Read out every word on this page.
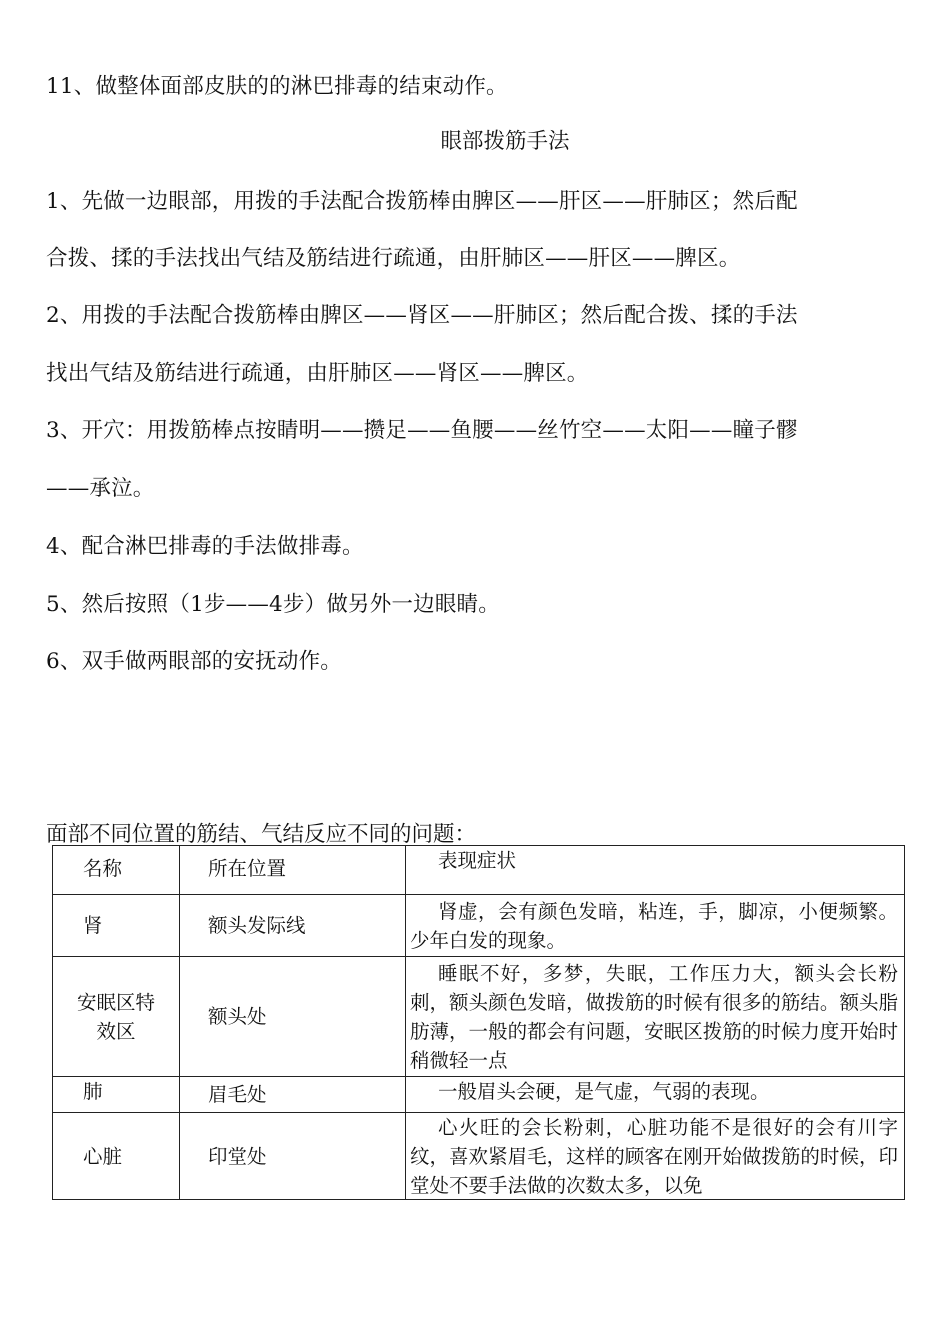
11、做整体面部皮肤的的淋巴排毒的结束动作。
眼部拨筋手法
1、先做一边眼部，用拨的手法配合拨筋棒由脾区——肝区——肝肺区；然后配
合拨、揉的手法找出气结及筋结进行疏通，由肝肺区——肝区——脾区。
2、用拨的手法配合拨筋棒由脾区——肾区——肝肺区；然后配合拨、揉的手法
找出气结及筋结进行疏通，由肝肺区——肾区——脾区。
3、开穴：用拨筋棒点按睛明——攒足——鱼腰——丝竹空——太阳——瞳子髎
——承泣。
4、配合淋巴排毒的手法做排毒。
5、然后按照（1步——4步）做另外一边眼睛。
6、双手做两眼部的安抚动作。
面部不同位置的筋结、气结反应不同的问题：
名称	所在位置	表现症状
肾	额头发际线	肾虚，会有颜色发暗，粘连，手，脚凉，小便频繁。少年白发的现象。
安眠区特效区	额头处	睡眠不好，多梦，失眠，工作压力大，额头会长粉刺，额头颜色发暗，做拨筋的时候有很多的筋结。额头脂肪薄，一般的都会有问题，安眠区拨筋的时候力度开始时稍微轻一点
肺	眉毛处	一般眉头会硬，是气虚，气弱的表现。
心脏	印堂处	心火旺的会长粉刺，心脏功能不是很好的会有川字纹，喜欢紧眉毛，这样的顾客在刚开始做拨筋的时候，印堂处不要手法做的次数太多，以免
